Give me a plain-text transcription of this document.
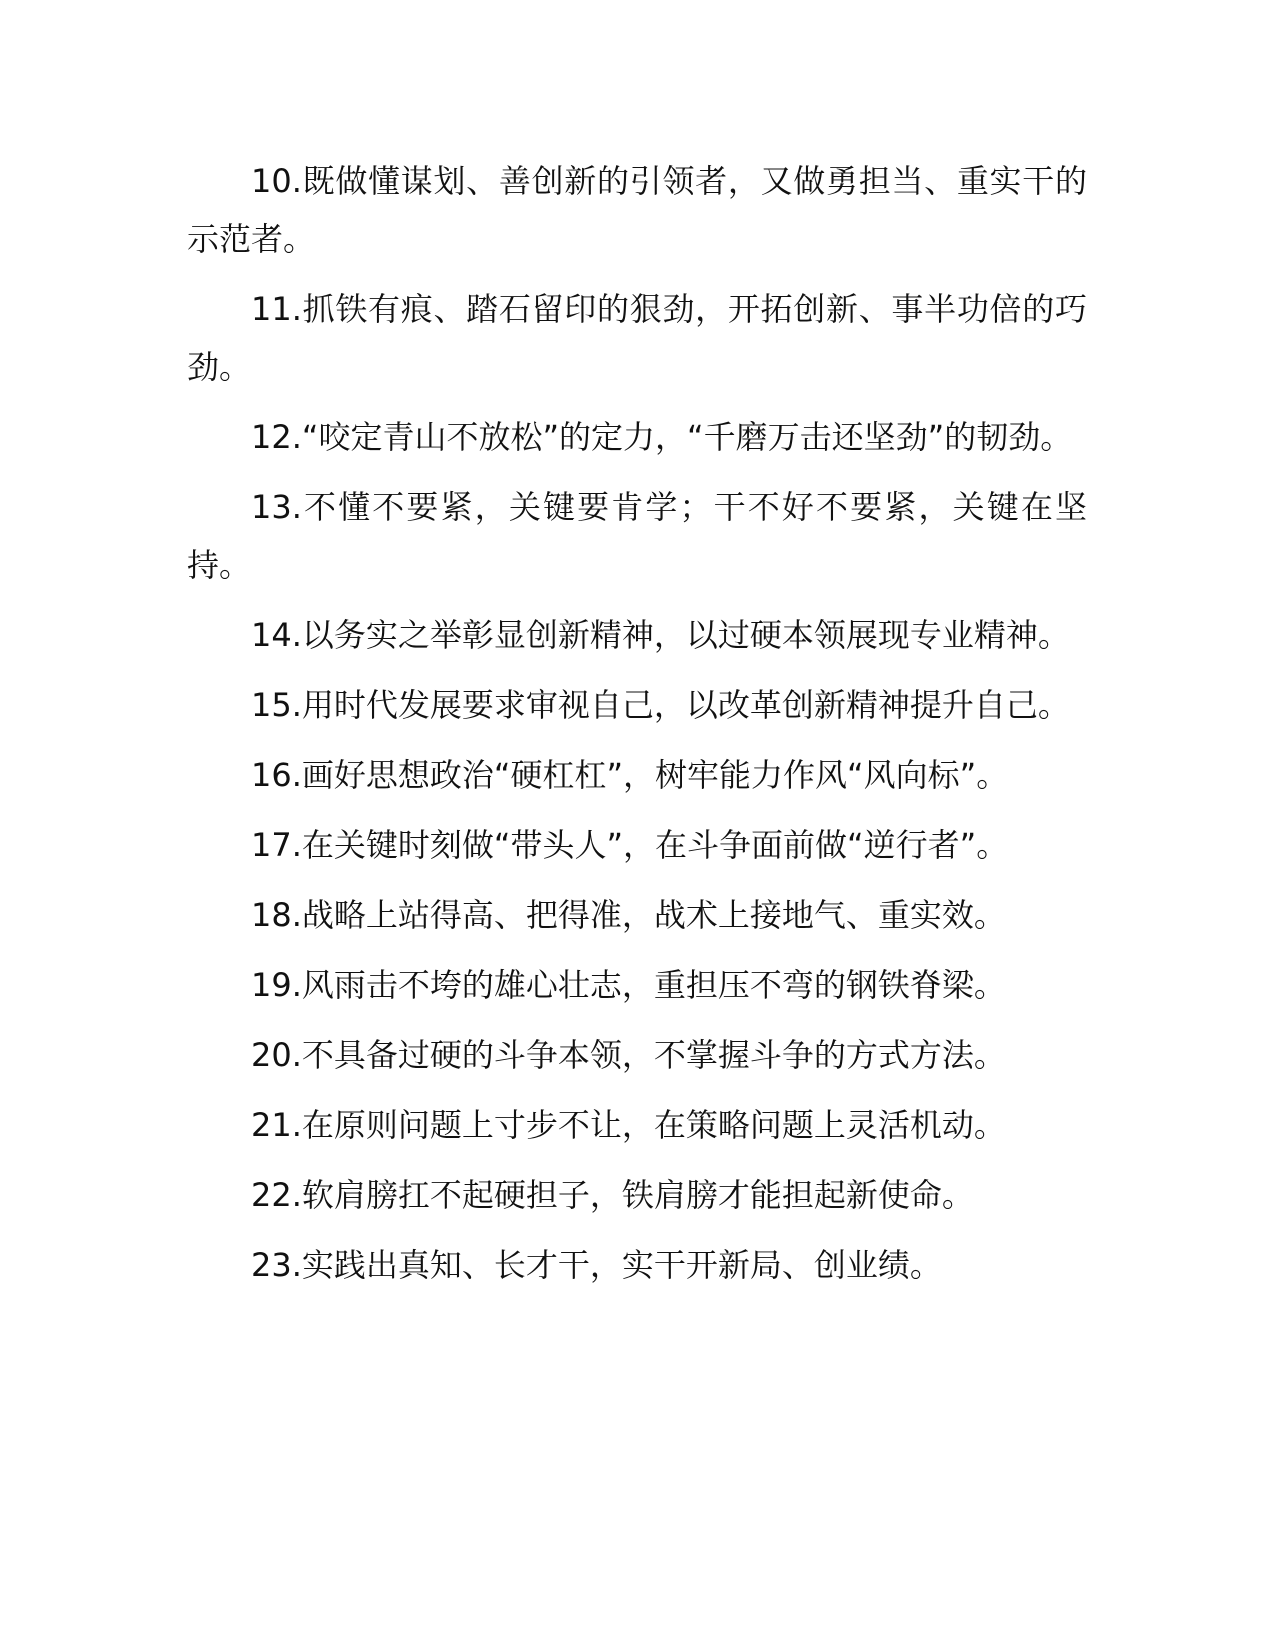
10.既做懂谋划、善创新的引领者，又做勇担当、重实干的示范者。

11.抓铁有痕、踏石留印的狠劲，开拓创新、事半功倍的巧劲。

12.“咬定青山不放松”的定力，“千磨万击还坚劲”的韧劲。

13.不懂不要紧，关键要肯学；干不好不要紧，关键在坚持。

14.以务实之举彰显创新精神，以过硬本领展现专业精神。

15.用时代发展要求审视自己，以改革创新精神提升自己。

16.画好思想政治“硬杠杠”，树牢能力作风“风向标”。

17.在关键时刻做“带头人”，在斗争面前做“逆行者”。

18.战略上站得高、把得准，战术上接地气、重实效。

19.风雨击不垮的雄心壮志，重担压不弯的钢铁脊梁。

20.不具备过硬的斗争本领，不掌握斗争的方式方法。

21.在原则问题上寸步不让，在策略问题上灵活机动。

22.软肩膀扛不起硬担子，铁肩膀才能担起新使命。

23.实践出真知、长才干，实干开新局、创业绩。
